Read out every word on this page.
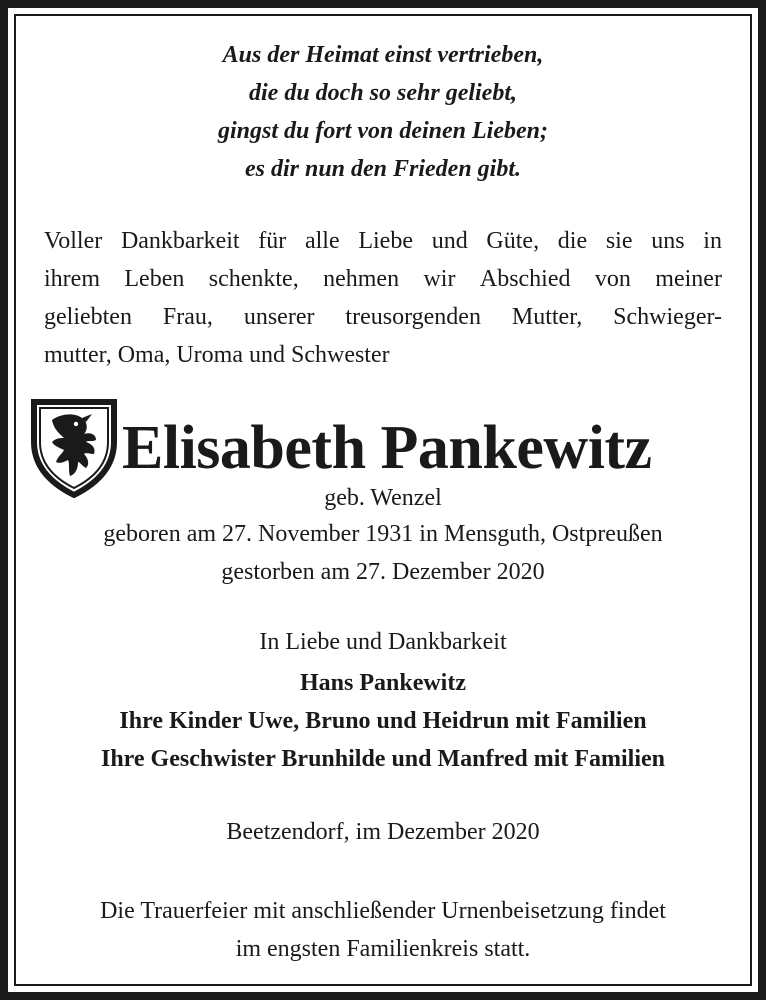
Aus der Heimat einst vertrieben,
die du doch so sehr geliebt,
gingst du fort von deinen Lieben;
es dir nun den Frieden gibt.
Voller Dankbarkeit für alle Liebe und Güte, die sie uns in
ihrem Leben schenkte, nehmen wir Abschied von meiner
geliebten Frau, unserer treusorgenden Mutter, Schwieger-
mutter, Oma, Uroma und Schwester
Elisabeth Pankewitz
geb. Wenzel
geboren am 27. November 1931 in Mensguth, Ostpreußen
gestorben am 27. Dezember 2020
In Liebe und Dankbarkeit
Hans Pankewitz
Ihre Kinder Uwe, Bruno und Heidrun mit Familien
Ihre Geschwister Brunhilde und Manfred mit Familien
Beetzendorf, im Dezember 2020
Die Trauerfeier mit anschließender Urnenbeisetzung findet
im engsten Familienkreis statt.
